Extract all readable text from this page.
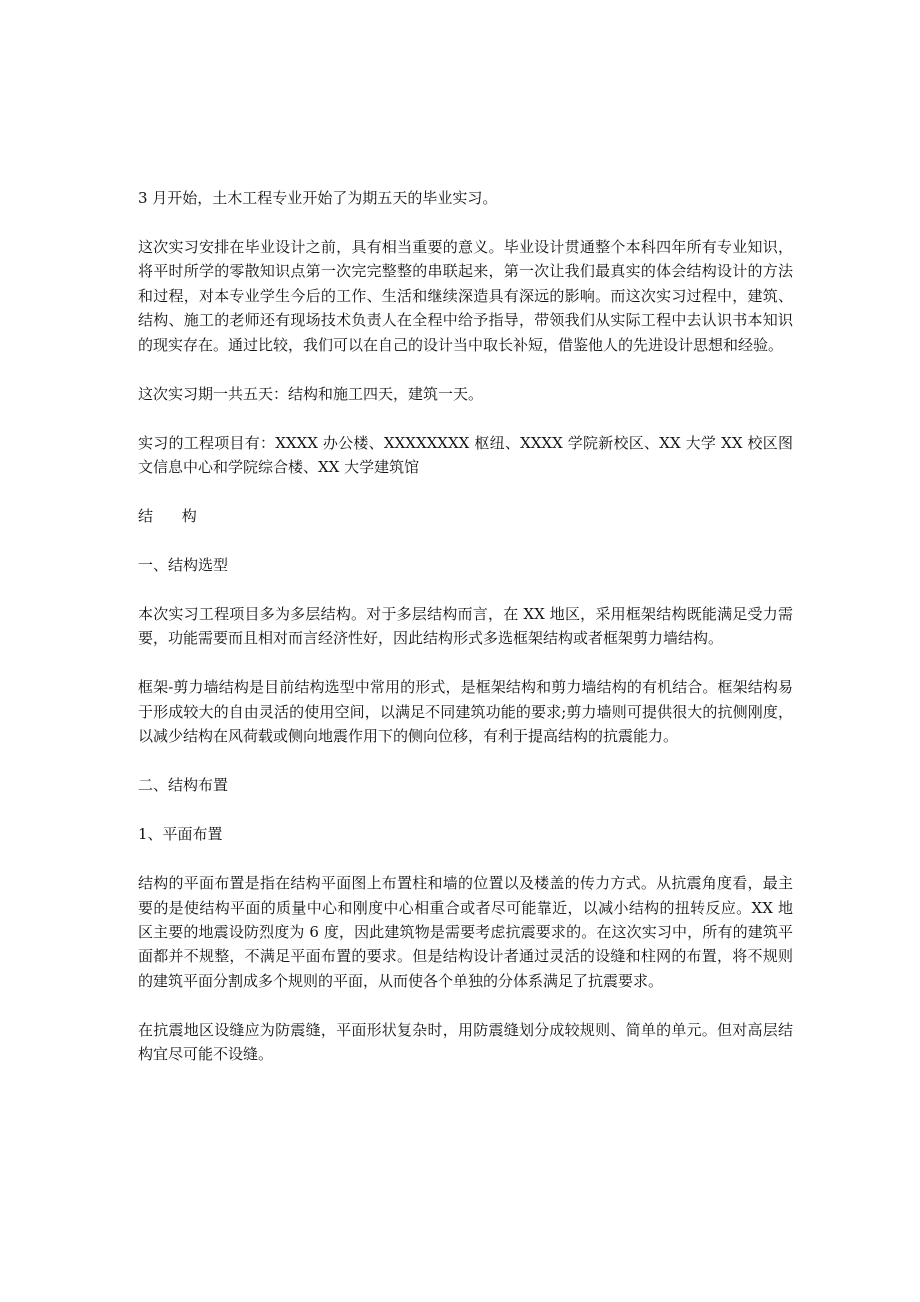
3 月开始，土木工程专业开始了为期五天的毕业实习。

这次实习安排在毕业设计之前，具有相当重要的意义。毕业设计贯通整个本科四年所有专业知识，将平时所学的零散知识点第一次完完整整的串联起来，第一次让我们最真实的体会结构设计的方法和过程，对本专业学生今后的工作、生活和继续深造具有深远的影响。而这次实习过程中，建筑、结构、施工的老师还有现场技术负责人在全程中给予指导，带领我们从实际工程中去认识书本知识的现实存在。通过比较，我们可以在自己的设计当中取长补短，借鉴他人的先进设计思想和经验。

这次实习期一共五天：结构和施工四天，建筑一天。

实习的工程项目有：XXXX 办公楼、XXXXXXXX 枢纽、XXXX 学院新校区、XX 大学 XX 校区图文信息中心和学院综合楼、XX 大学建筑馆

结 构

一、结构选型

本次实习工程项目多为多层结构。对于多层结构而言，在 XX 地区，采用框架结构既能满足受力需要，功能需要而且相对而言经济性好，因此结构形式多选框架结构或者框架剪力墙结构。

框架-剪力墙结构是目前结构选型中常用的形式，是框架结构和剪力墙结构的有机结合。框架结构易于形成较大的自由灵活的使用空间，以满足不同建筑功能的要求;剪力墙则可提供很大的抗侧刚度，以减少结构在风荷载或侧向地震作用下的侧向位移，有利于提高结构的抗震能力。

二、结构布置

1、平面布置

结构的平面布置是指在结构平面图上布置柱和墙的位置以及楼盖的传力方式。从抗震角度看，最主要的是使结构平面的质量中心和刚度中心相重合或者尽可能靠近，以减小结构的扭转反应。XX 地区主要的地震设防烈度为 6 度，因此建筑物是需要考虑抗震要求的。在这次实习中，所有的建筑平面都并不规整，不满足平面布置的要求。但是结构设计者通过灵活的设缝和柱网的布置，将不规则的建筑平面分割成多个规则的平面，从而使各个单独的分体系满足了抗震要求。

在抗震地区设缝应为防震缝，平面形状复杂时，用防震缝划分成较规则、简单的单元。但对高层结构宜尽可能不设缝。
